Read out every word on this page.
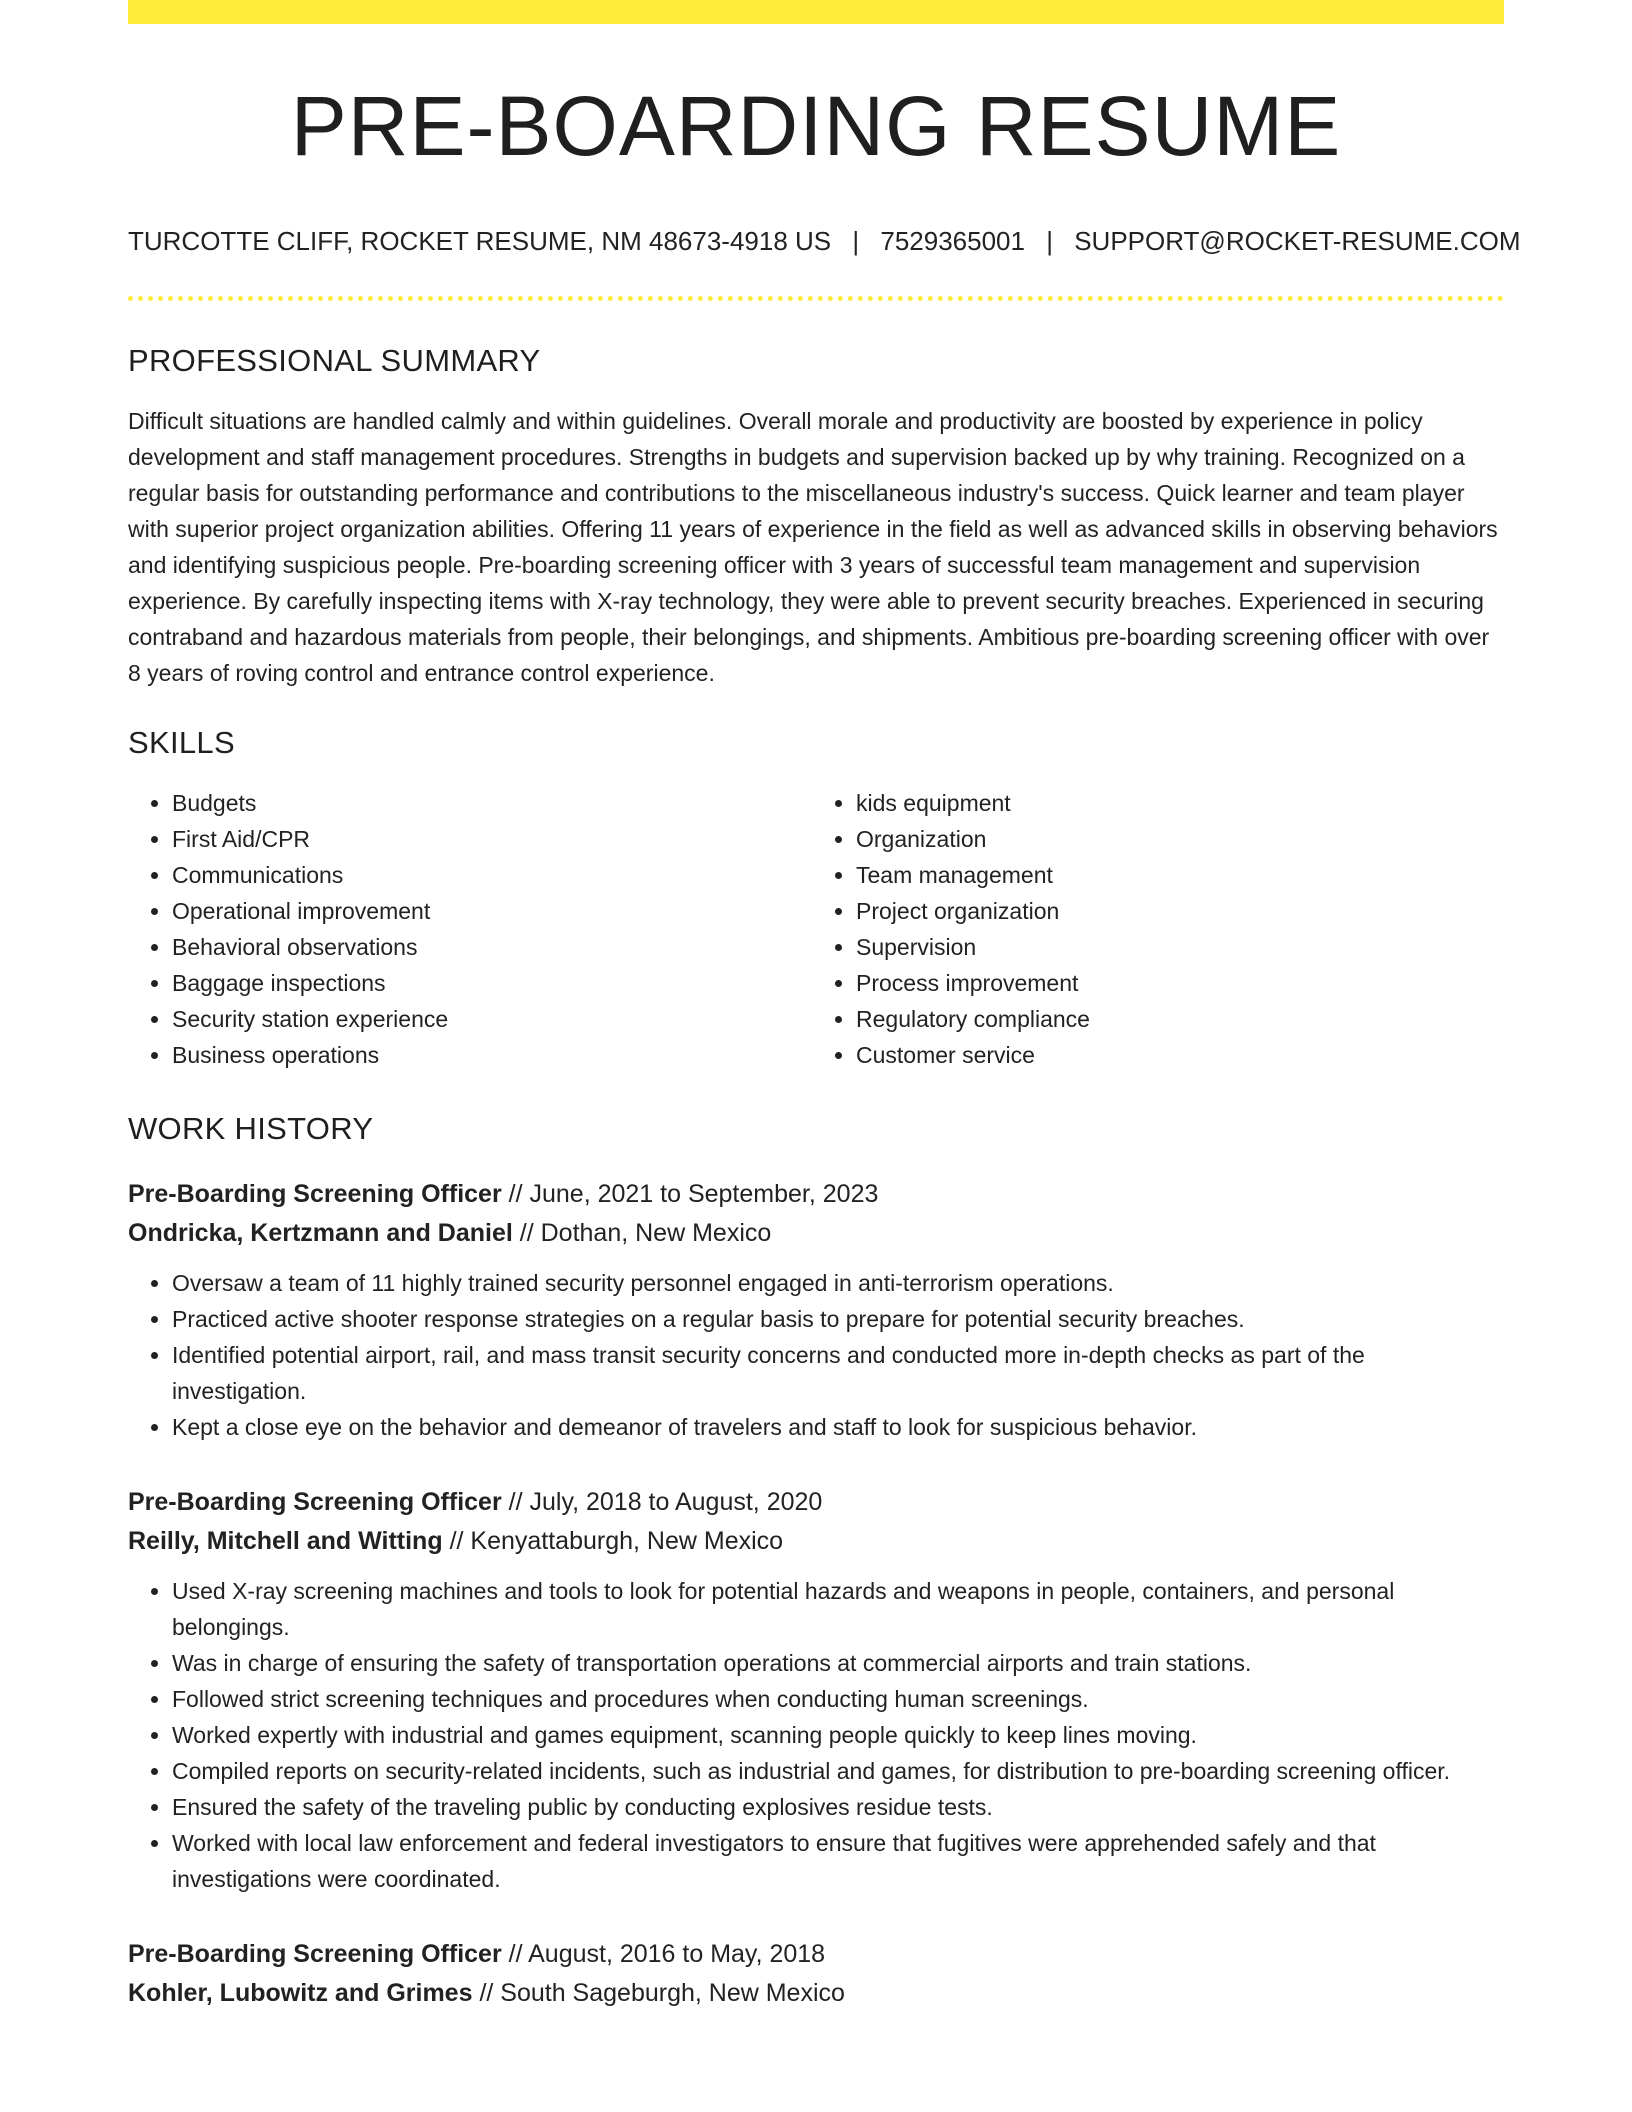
PRE-BOARDING RESUME
TURCOTTE CLIFF, ROCKET RESUME, NM 48673-4918 US | 7529365001 | SUPPORT@ROCKET-RESUME.COM
PROFESSIONAL SUMMARY

Difficult situations are handled calmly and within guidelines. Overall morale and productivity are boosted by experience in policy development and staff management procedures. Strengths in budgets and supervision backed up by why training. Recognized on a regular basis for outstanding performance and contributions to the miscellaneous industry's success. Quick learner and team player with superior project organization abilities. Offering 11 years of experience in the field as well as advanced skills in observing behaviors and identifying suspicious people. Pre-boarding screening officer with 3 years of successful team management and supervision experience. By carefully inspecting items with X-ray technology, they were able to prevent security breaches. Experienced in securing contraband and hazardous materials from people, their belongings, and shipments. Ambitious pre-boarding screening officer with over 8 years of roving control and entrance control experience.

SKILLS
• Budgets
• First Aid/CPR
• Communications
• Operational improvement
• Behavioral observations
• Baggage inspections
• Security station experience
• Business operations
• kids equipment
• Organization
• Team management
• Project organization
• Supervision
• Process improvement
• Regulatory compliance
• Customer service
WORK HISTORY
Pre-Boarding Screening Officer // June, 2021 to September, 2023
Ondricka, Kertzmann and Daniel // Dothan, New Mexico
• Oversaw a team of 11 highly trained security personnel engaged in anti-terrorism operations.
• Practiced active shooter response strategies on a regular basis to prepare for potential security breaches.
• Identified potential airport, rail, and mass transit security concerns and conducted more in-depth checks as part of the investigation.
• Kept a close eye on the behavior and demeanor of travelers and staff to look for suspicious behavior.
Pre-Boarding Screening Officer // July, 2018 to August, 2020
Reilly, Mitchell and Witting // Kenyattaburgh, New Mexico
• Used X-ray screening machines and tools to look for potential hazards and weapons in people, containers, and personal belongings.
• Was in charge of ensuring the safety of transportation operations at commercial airports and train stations.
• Followed strict screening techniques and procedures when conducting human screenings.
• Worked expertly with industrial and games equipment, scanning people quickly to keep lines moving.
• Compiled reports on security-related incidents, such as industrial and games, for distribution to pre-boarding screening officer.
• Ensured the safety of the traveling public by conducting explosives residue tests.
• Worked with local law enforcement and federal investigators to ensure that fugitives were apprehended safely and that investigations were coordinated.
Pre-Boarding Screening Officer // August, 2016 to May, 2018
Kohler, Lubowitz and Grimes // South Sageburgh, New Mexico
